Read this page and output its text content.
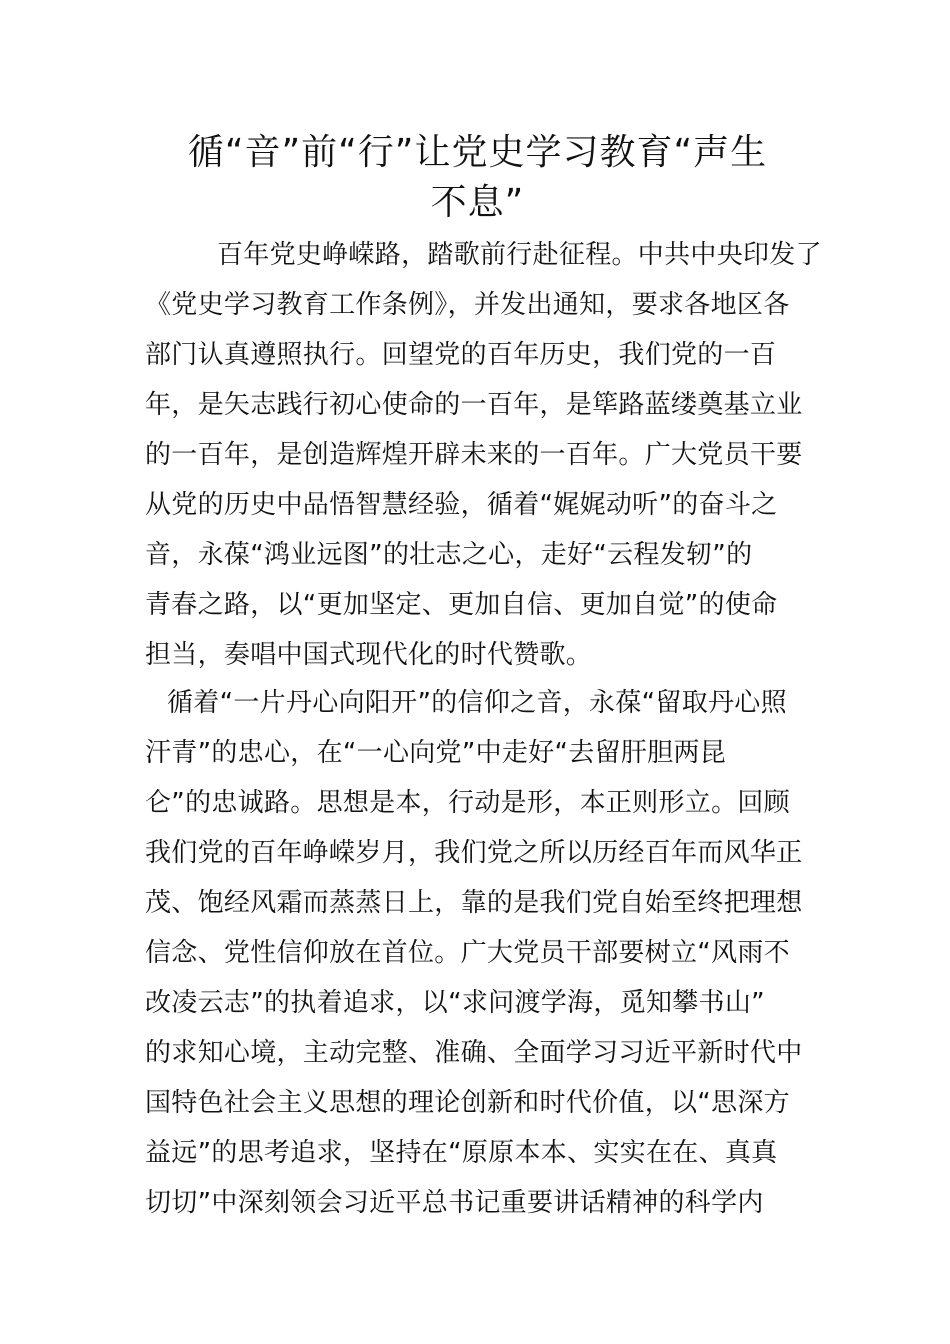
循“音”前“行”让党史学习教育“声生
不息”
百年党史峥嵘路，踏歌前行赴征程。中共中央印发了
《党史学习教育工作条例》，并发出通知，要求各地区各
部门认真遵照执行。回望党的百年历史，我们党的一百
年，是矢志践行初心使命的一百年，是筚路蓝缕奠基立业
的一百年，是创造辉煌开辟未来的一百年。广大党员干要
从党的历史中品悟智慧经验，循着“娓娓动听”的奋斗之
音，永葆“鸿业远图”的壮志之心，走好“云程发轫”的
青春之路，以“更加坚定、更加自信、更加自觉”的使命
担当，奏唱中国式现代化的时代赞歌。
循着“一片丹心向阳开”的信仰之音，永葆“留取丹心照
汗青”的忠心，在“一心向党”中走好“去留肝胆两昆
仑”的忠诚路。思想是本，行动是形，本正则形立。回顾
我们党的百年峥嵘岁月，我们党之所以历经百年而风华正
茂、饱经风霜而蒸蒸日上，靠的是我们党自始至终把理想
信念、党性信仰放在首位。广大党员干部要树立“风雨不
改凌云志”的执着追求，以“求问渡学海，觅知攀书山”
的求知心境，主动完整、准确、全面学习习近平新时代中
国特色社会主义思想的理论创新和时代价值，以“思深方
益远”的思考追求，坚持在“原原本本、实实在在、真真
切切”中深刻领会习近平总书记重要讲话精神的科学内
